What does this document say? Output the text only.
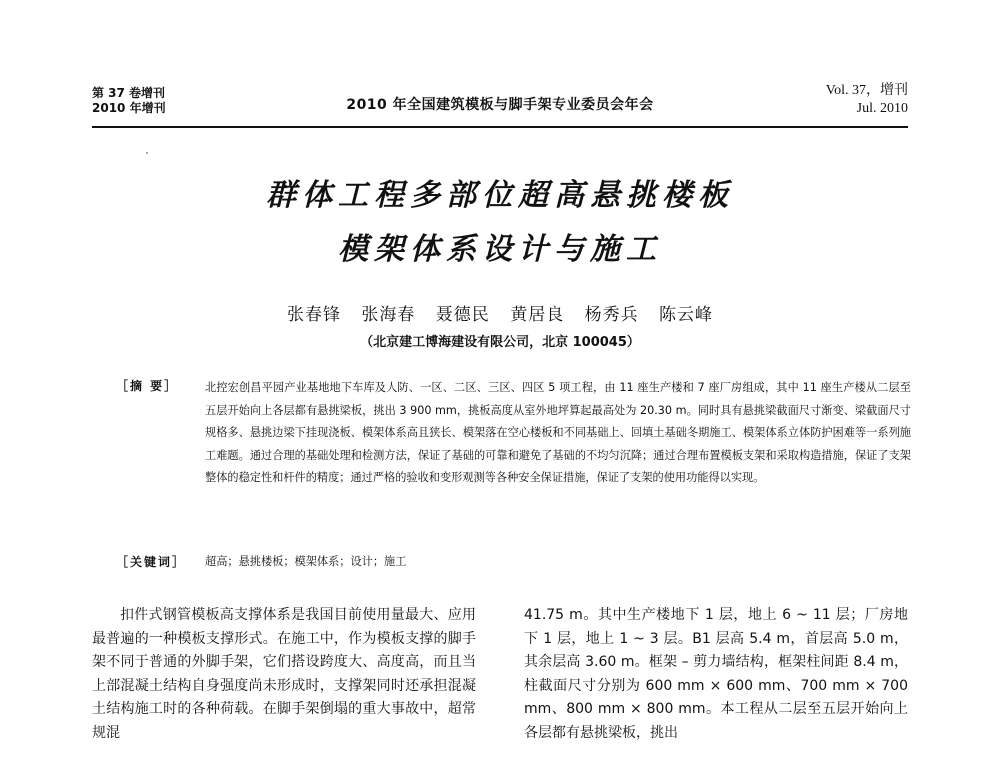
第 37 卷增刊
2010 年增刊	2010 年全国建筑模板与脚手架专业委员会年会
Vol. 37，增刊
Jul. 2010
群体工程多部位超高悬挑楼板
模架体系设计与施工
张春锋 张海春 聂德民 黄居良 杨秀兵 陈云峰
（北京建工博海建设有限公司，北京 100045）
［摘 要］ 北控宏创昌平园产业基地地下车库及人防、一区、二区、三区、四区 5 项工程，由 11 座生产楼和 7 座厂房组成，其中 11 座生产楼从二层至五层开始向上各层都有悬挑梁板，挑出 3 900 mm，挑板高度从室外地坪算起最高处为 20.30 m。同时具有悬挑梁截面尺寸渐变、梁截面尺寸规格多、悬挑边梁下挂现浇板、模架体系高且狭长、模架落在空心楼板和不同基础上、回填土基础冬期施工、模架体系立体防护困难等一系列施工难题。通过合理的基础处理和检测方法，保证了基础的可靠和避免了基础的不均匀沉降；通过合理布置模板支架和采取构造措施，保证了支架整体的稳定性和杆件的精度；通过严格的验收和变形观测等各种安全保证措施，保证了支架的使用功能得以实现。
［关键词］ 超高；悬挑楼板；模架体系；设计；施工
扣件式钢管模板高支撑体系是我国目前使用量最大、应用最普遍的一种模板支撑形式。在施工中，作为模板支撑的脚手架不同于普通的外脚手架，它们搭设跨度大、高度高，而且当上部混凝土结构自身强度尚未形成时，支撑架同时还承担混凝土结构施工时的各种荷载。在脚手架倒塌的重大事故中，超常规混
41.75 m。其中生产楼地下 1 层，地上 6 ~ 11 层；厂房地下 1 层，地上 1 ~ 3 层。B1 层高 5.4 m，首层高 5.0 m，其余层高 3.60 m。框架 – 剪力墙结构，框架柱间距 8.4 m，柱截面尺寸分别为 600 mm × 600 mm、700 mm × 700 mm、800 mm × 800 mm。本工程从二层至五层开始向上各层都有悬挑梁板，挑出
